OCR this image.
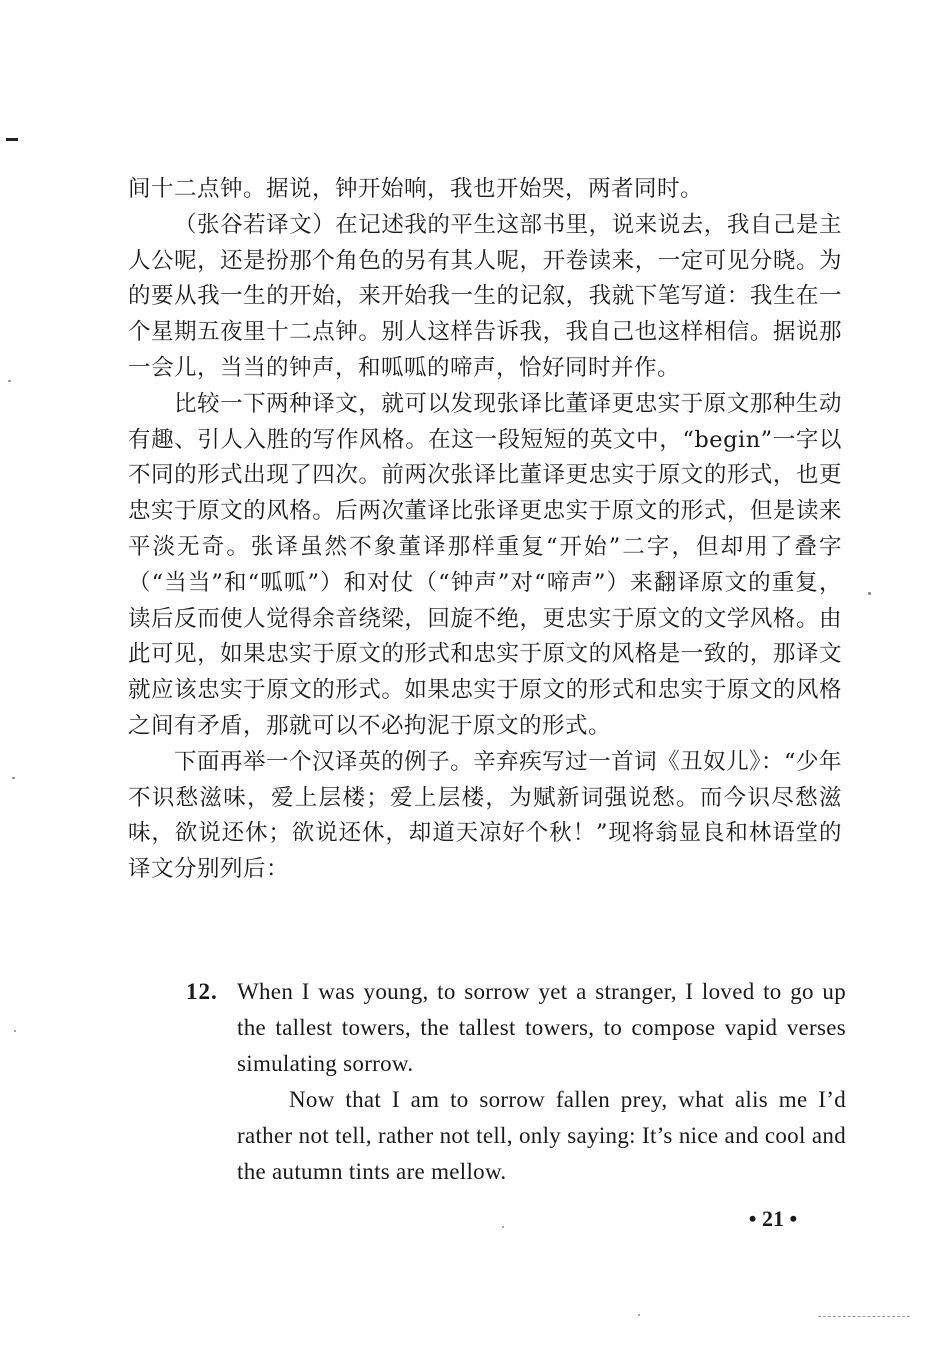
间十二点钟。据说，钟开始响，我也开始哭，两者同时。

（张谷若译文）在记述我的平生这部书里，说来说去，我自己是主人公呢，还是扮那个角色的另有其人呢，开卷读来，一定可见分晓。为的要从我一生的开始，来开始我一生的记叙，我就下笔写道：我生在一个星期五夜里十二点钟。别人这样告诉我，我自己也这样相信。据说那一会儿，当当的钟声，和呱呱的啼声，恰好同时并作。

比较一下两种译文，就可以发现张译比董译更忠实于原文那种生动有趣、引人入胜的写作风格。在这一段短短的英文中，“begin”一字以不同的形式出现了四次。前两次张译比董译更忠实于原文的形式，也更忠实于原文的风格。后两次董译比张译更忠实于原文的形式，但是读来平淡无奇。张译虽然不象董译那样重复“开始”二字，但却用了叠字（“当当”和“呱呱”）和对仗（“钟声”对“啼声”）来翻译原文的重复，读后反而使人觉得余音绕梁，回旋不绝，更忠实于原文的文学风格。由此可见，如果忠实于原文的形式和忠实于原文的风格是一致的，那译文就应该忠实于原文的形式。如果忠实于原文的形式和忠实于原文的风格之间有矛盾，那就可以不必拘泥于原文的形式。

下面再举一个汉译英的例子。辛弃疾写过一首词《丑奴儿》：“少年不识愁滋味，爱上层楼；爱上层楼，为赋新词强说愁。而今识尽愁滋味，欲说还休；欲说还休，却道天凉好个秋！”现将翁显良和林语堂的译文分别列后：

12. When I was young, to sorrow yet a stranger, I loved to go up the tallest towers, the tallest towers, to compose vapid verses simulating sorrow.

Now that I am to sorrow fallen prey, what alis me I’d rather not tell, rather not tell, only saying: It’s nice and cool and the autumn tints are mellow.

• 21 •
